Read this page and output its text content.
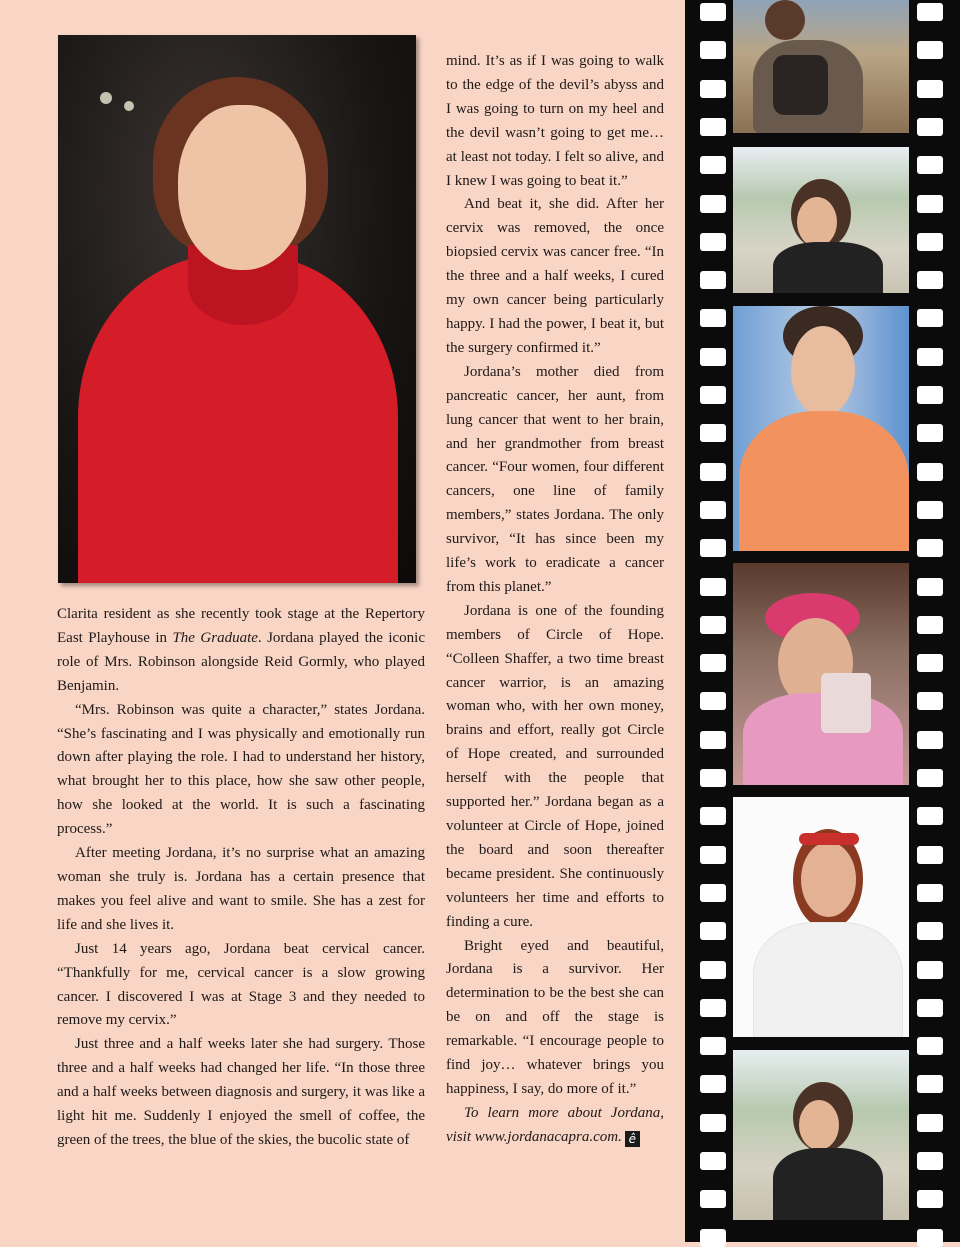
Clarita resident as she recently took stage at the Repertory East Playhouse in The Graduate. Jordana played the iconic role of Mrs. Robinson alongside Reid Gormly, who played Benjamin.

“Mrs. Robinson was quite a character,” states Jordana. “She’s fascinating and I was physically and emotionally run down after playing the role. I had to understand her history, what brought her to this place, how she saw other people, how she looked at the world. It is such a fascinating process.”

After meeting Jordana, it’s no surprise what an amazing woman she truly is. Jordana has a certain presence that makes you feel alive and want to smile. She has a zest for life and she lives it.

Just 14 years ago, Jordana beat cervical cancer. “Thankfully for me, cervical cancer is a slow growing cancer. I discovered I was at Stage 3 and they needed to remove my cervix.”

Just three and a half weeks later she had surgery. Those three and a half weeks had changed her life. “In those three and a half weeks between diagnosis and surgery, it was like a light hit me. Suddenly I enjoyed the smell of coffee, the green of the trees, the blue of the skies, the bucolic state of

mind. It’s as if I was going to walk to the edge of the devil’s abyss and I was going to turn on my heel and the devil wasn’t going to get me… at least not today. I felt so alive, and I knew I was going to beat it.”

And beat it, she did. After her cervix was removed, the once biopsied cervix was cancer free. “In the three and a half weeks, I cured my own cancer being particularly happy. I had the power, I beat it, but the surgery confirmed it.”

Jordana’s mother died from pancreatic cancer, her aunt, from lung cancer that went to her brain, and her grandmother from breast cancer. “Four women, four different cancers, one line of family members,” states Jordana. The only survivor, “It has since been my life’s work to eradicate a cancer from this planet.”

Jordana is one of the founding members of Circle of Hope. “Colleen Shaffer, a two time breast cancer warrior, is an amazing woman who, with her own money, brains and effort, really got Circle of Hope created, and surrounded herself with the people that supported her.” Jordana began as a volunteer at Circle of Hope, joined the board and soon thereafter became president. She continuously volunteers her time and efforts to finding a cure.

Bright eyed and beautiful, Jordana is a survivor. Her determination to be the best she can be on and off the stage is remarkable. “I encourage people to find joy… whatever brings you happiness, I say, do more of it.”

To learn more about Jordana, visit www.jordanacapra.com. ê
